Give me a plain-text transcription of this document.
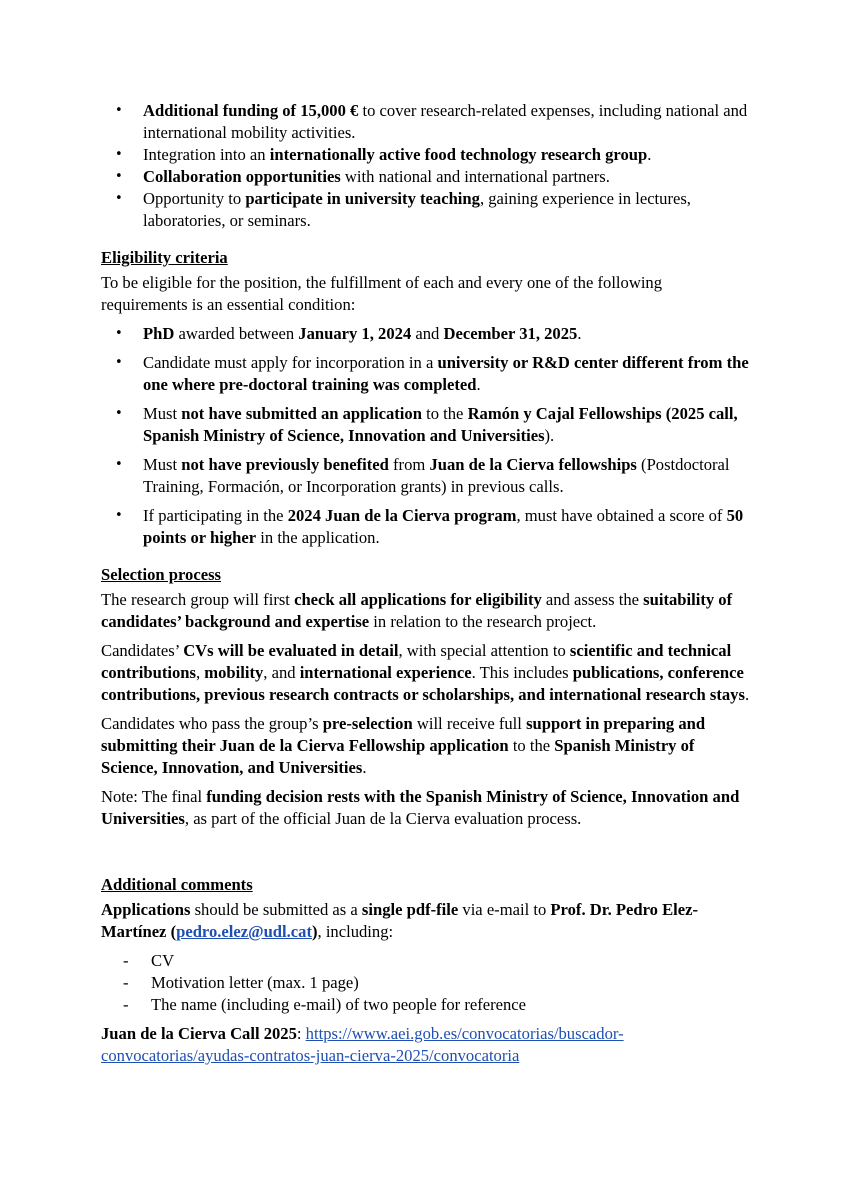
• Additional funding of 15,000 € to cover research-related expenses, including national and international mobility activities.
• Integration into an internationally active food technology research group.
• Collaboration opportunities with national and international partners.
• Opportunity to participate in university teaching, gaining experience in lectures, laboratories, or seminars.
Eligibility criteria

To be eligible for the position, the fulfillment of each and every one of the following requirements is an essential condition:

• PhD awarded between January 1, 2024 and December 31, 2025.
• Candidate must apply for incorporation in a university or R&D center different from the one where pre-doctoral training was completed.
• Must not have submitted an application to the Ramón y Cajal Fellowships (2025 call, Spanish Ministry of Science, Innovation and Universities).
• Must not have previously benefited from Juan de la Cierva fellowships (Postdoctoral Training, Formación, or Incorporation grants) in previous calls.
• If participating in the 2024 Juan de la Cierva program, must have obtained a score of 50 points or higher in the application.
Selection process

The research group will first check all applications for eligibility and assess the suitability of candidates’ background and expertise in relation to the research project.

Candidates’ CVs will be evaluated in detail, with special attention to scientific and technical contributions, mobility, and international experience. This includes publications, conference contributions, previous research contracts or scholarships, and international research stays.

Candidates who pass the group’s pre-selection will receive full support in preparing and submitting their Juan de la Cierva Fellowship application to the Spanish Ministry of Science, Innovation, and Universities.

Note: The final funding decision rests with the Spanish Ministry of Science, Innovation and Universities, as part of the official Juan de la Cierva evaluation process.

Additional comments

Applications should be submitted as a single pdf-file via e-mail to Prof. Dr. Pedro Elez-Martínez (pedro.elez@udl.cat), including:

- CV
- Motivation letter (max. 1 page)
- The name (including e-mail) of two people for reference

Juan de la Cierva Call 2025: https://www.aei.gob.es/convocatorias/buscador-convocatorias/ayudas-contratos-juan-cierva-2025/convocatoria
